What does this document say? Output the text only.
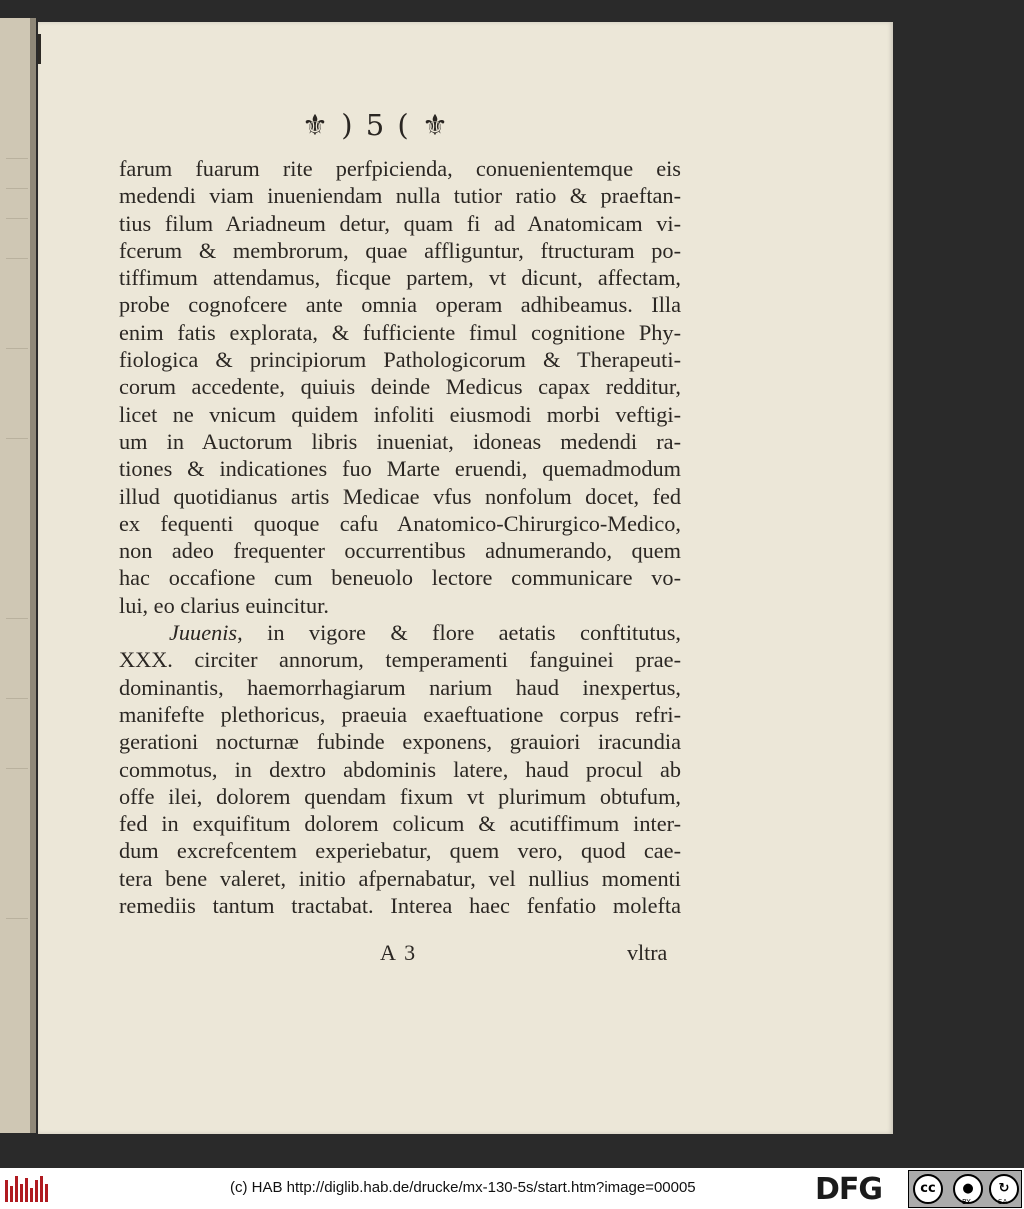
⚜ ) 5 ( ⚜
farum fuarum rite perfpicienda, conuenientemque eis
medendi viam inueniendam nulla tutior ratio & praeftan-
tius filum Ariadneum detur, quam fi ad Anatomicam vi-
fcerum & membrorum, quae affliguntur, ftructuram po-
tiffimum attendamus, ficque partem, vt dicunt, affectam,
probe cognofcere ante omnia operam adhibeamus. Illa
enim fatis explorata, & fufficiente fimul cognitione Phy-
fiologica & principiorum Pathologicorum & Therapeuti-
corum accedente, quiuis deinde Medicus capax redditur,
licet ne vnicum quidem infoliti eiusmodi morbi veftigi-
um in Auctorum libris inueniat, idoneas medendi ra-
tiones & indicationes fuo Marte eruendi, quemadmodum
illud quotidianus artis Medicae vfus nonfolum docet, fed
ex fequenti quoque cafu Anatomico-Chirurgico-Medico,
non adeo frequenter occurrentibus adnumerando, quem
hac occafione cum beneuolo lectore communicare vo-
lui, eo clarius euincitur.
Juuenis, in vigore & flore aetatis conftitutus,
XXX. circiter annorum, temperamenti fanguinei prae-
dominantis, haemorrhagiarum narium haud inexpertus,
manifefte plethoricus, praeuia exaeftuatione corpus refri-
gerationi nocturnæ fubinde exponens, grauiori iracundia
commotus, in dextro abdominis latere, haud procul ab
offe ilei, dolorem quendam fixum vt plurimum obtufum,
fed in exquifitum dolorem colicum & acutiffimum inter-
dum excrefcentem experiebatur, quem vero, quod cae-
tera bene valeret, initio afpernabatur, vel nullius momenti
remediis tantum tractabat. Interea haec fenfatio molefta
A 3	vltra
(c) HAB http://diglib.hab.de/drucke/mx-130-5s/start.htm?image=00005	DFG	cc	●	↻
BY	SA
